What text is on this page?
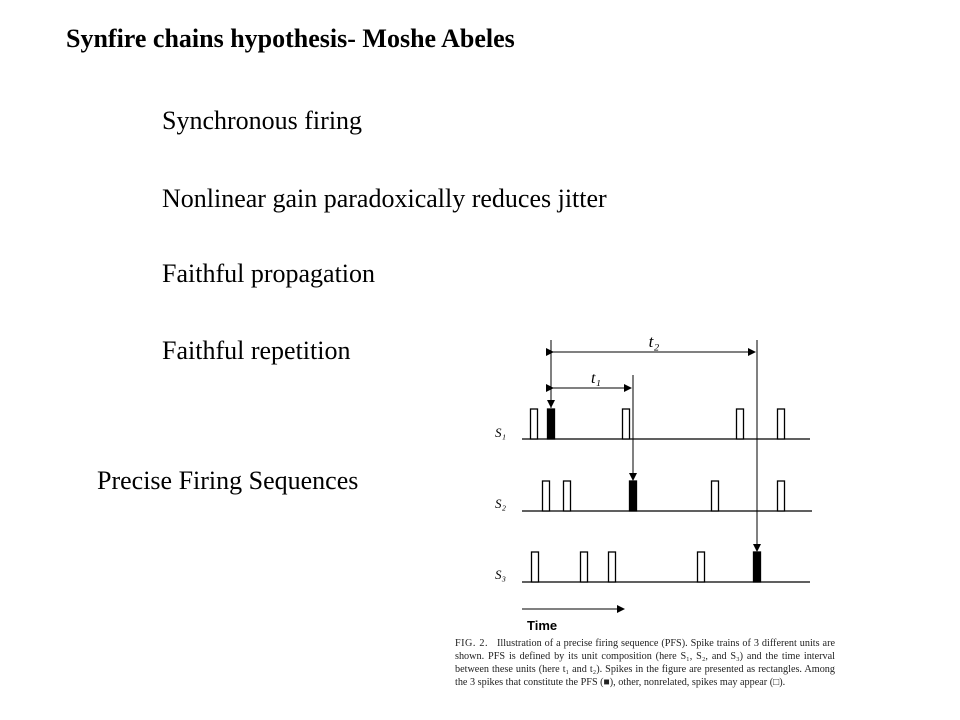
Synfire chains hypothesis- Moshe Abeles
Synchronous firing
Nonlinear gain paradoxically reduces jitter
Faithful propagation
Faithful repetition
Precise Firing Sequences
t₂
t₁
S₁
S₂
S₃
Time

FIG. 2. Illustration of a precise firing sequence (PFS). Spike trains of 3 different units are shown. PFS is defined by its unit composition (here S₁, S₂, and S₃) and the time interval between these units (here t₁ and t₂). Spikes in the figure are presented as rectangles. Among the 3 spikes that constitute the PFS (■), other, nonrelated, spikes may appear (□).
